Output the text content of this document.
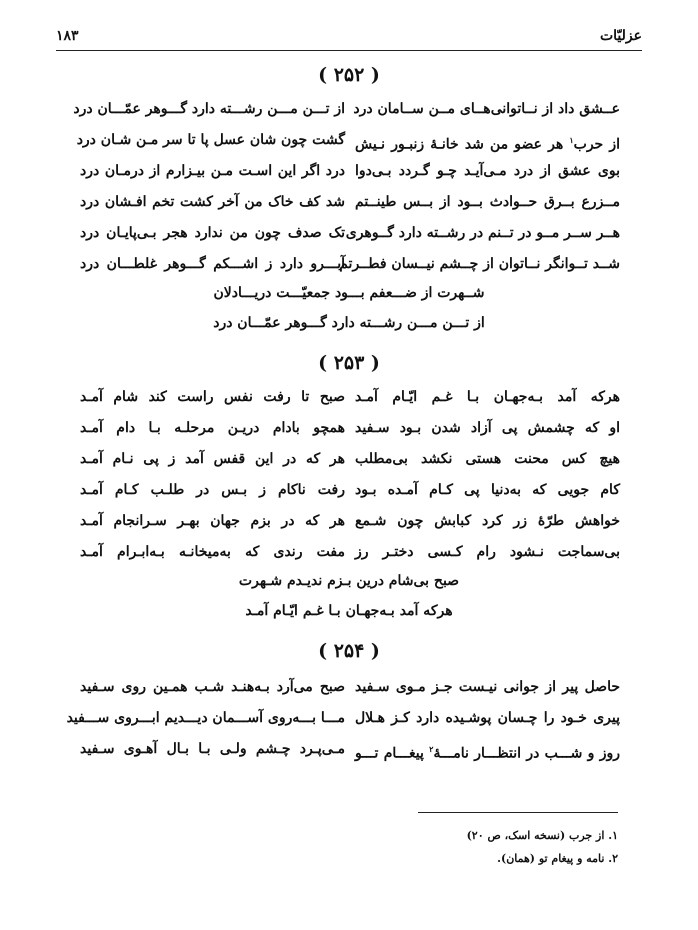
۱۸۳	عزلیّات
( ۲۵۲ )
عــشق داد از نــاتوانی‌هــای مــن ســامان درد
از تـــن مـــن رشـــته دارد گـــوهر عمّـــان درد
از حرب$^۱$ هر عضو من شد خانـهٔ زنبـور نـیش
گشت چون شان عسل پا تا سر مـن شـان درد
بوی عشق از درد مـی‌آیـد چـو گـردد بـی‌دوا
درد اگر این اسـت مـن بیـزارم از درمـان درد
مــزرع بــرق حــوادث بــود از بــس طینــتم
شد کف خاک من آخر کشت تخم افـشان درد
هــر ســر مــو در تــنم در رشــته دارد گــوهری
تک صدف چون من ندارد هجر بـی‌پایـان درد
شــد تــوانگر نــاتوان از چــشم نیــسان فطــرتم
آبـــرو دارد ز اشـــکم گـــوهر غلطـــان درد
شــهرت از ضـــعفم بـــود جمعیّـــت دریـــادلان
از تـــن مـــن رشـــته دارد گـــوهر عمّـــان درد
( ۲۵۳ )
هرکه آمد بـه‌جهـان بـا غـم ایّـام آمـد
صبح تا رفت نفس راست کند شام آمـد
او که چشمش پی آزاد شدن بـود سـفید
همچو بادام دریـن مرحلـه بـا دام آمـد
هیچ کس محنت هستی نکشد بی‌مطلب
هر که در این قفس آمد ز پی نـام آمـد
کام جویی که به‌دنیا پی کـام آمـده بـود
رفت ناکام ز بـس در طلـب کـام آمـد
خواهش طرّهٔ زر کرد کبابش چون شـمع
هر که در بزم جهان بهـر سـرانجام آمـد
بی‌سماجت نـشود رام کـسی دختـر رز
مفت رندی که به‌میخانـه بـه‌ابـرام آمـد
صبح بی‌شام درین بـزم ندیـدم شـهرت
هرکه آمد بـه‌جهـان بـا غـم ایّـام آمـد
( ۲۵۴ )
حاصل پیر از جوانی نیـست جـز مـوی سـفید
صبح می‌آرد بـه‌هنـد شـب همـین روی سـفید
پیری خـود را چـسان پوشـیده دارد کـز هـلال
مـــا بـــه‌روی آســـمان دیـــدیم ابـــروی ســـفید
روز و شـــب در انتظـــار نامـــهٔ$^۲$ پیغـــام تـــو
مـی‌پـرد چـشم ولـی بـا بـال آهـوی سـفید
۱. از جرب (نسخه اسک، ص ۲۰)
۲. نامه و پیغام تو (همان).
